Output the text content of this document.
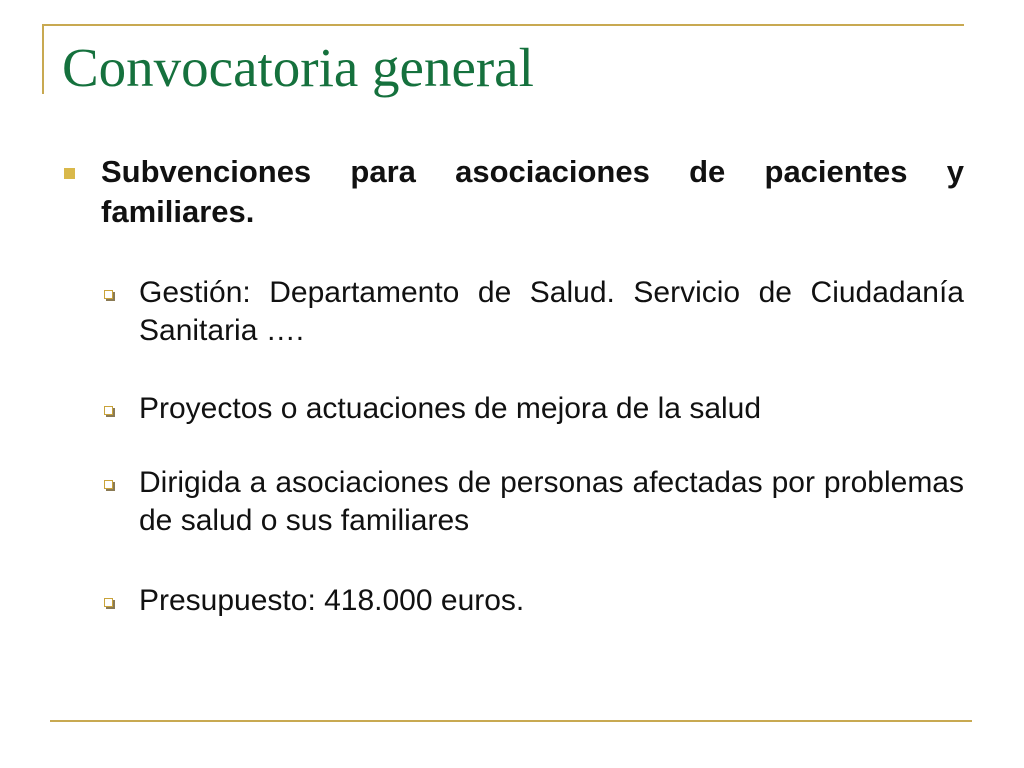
Convocatoria general
Subvenciones para asociaciones de pacientes y familiares.
Gestión: Departamento de Salud. Servicio de Ciudadanía Sanitaria ….
Proyectos o actuaciones de mejora de la salud
Dirigida a asociaciones de personas afectadas por problemas de salud o sus familiares
Presupuesto: 418.000 euros.
